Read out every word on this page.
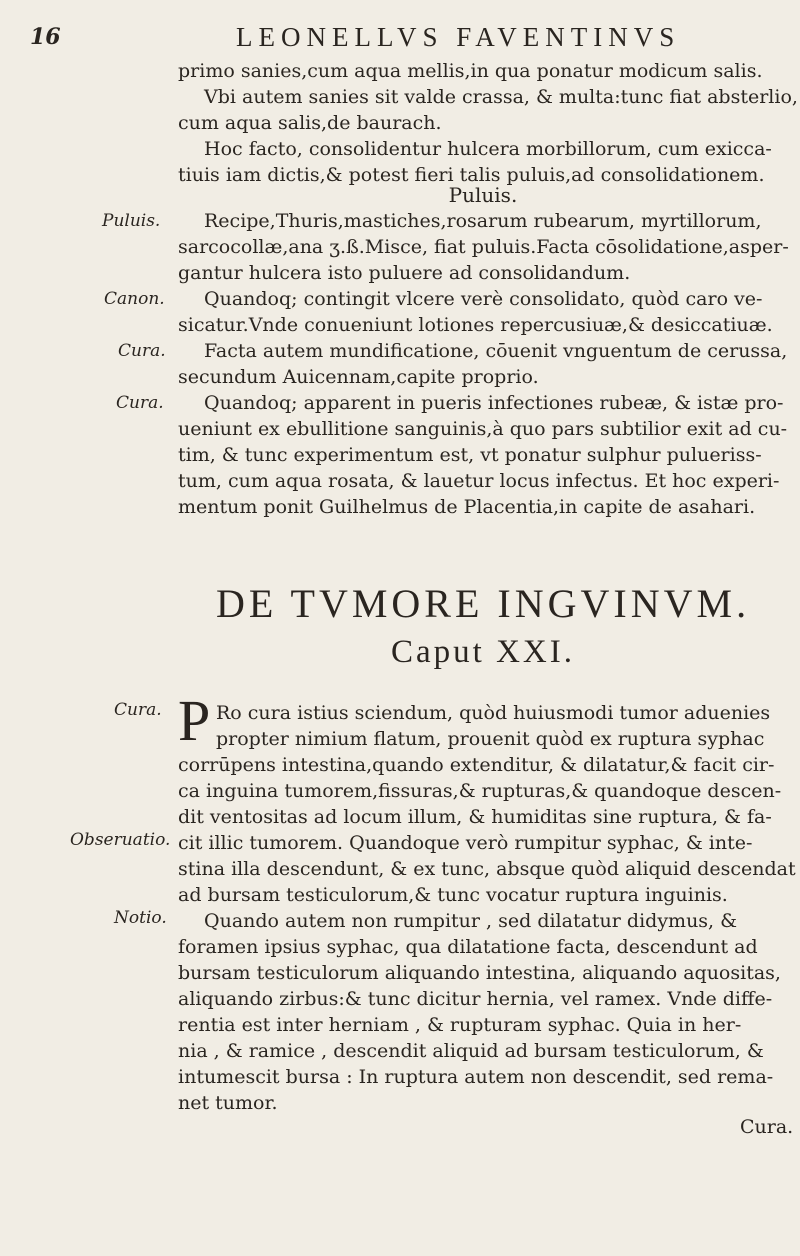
16	LEONELLVS FAVENTINVS
primo sanies,cum aqua mellis,in qua ponatur modicum salis.
Vbi autem sanies sit valde crassa, & multa:tunc fiat absterlio,
cum aqua salis,de baurach.
Hoc facto, consolidentur hulcera morbillorum, cum exicca-
tiuis iam dictis,& potest fieri talis puluis,ad consolidationem.
Puluis.
Recipe,Thuris,mastiches,rosarum rubearum, myrtillorum,
sarcocollæ,ana ʒ.ß.Misce, fiat puluis.Facta cōsolidatione,asper-
gantur hulcera isto puluere ad consolidandum.
Quandoq; contingit vlcere verè consolidato, quòd caro ve-
sicatur.Vnde conueniunt lotiones repercusiuæ,& desiccatiuæ.
Facta autem mundificatione, cōuenit vnguentum de cerussa,
secundum Auicennam,capite proprio.
Quandoq; apparent in pueris infectiones rubeæ, & istæ pro-
ueniunt ex ebullitione sanguinis,à quo pars subtilior exit ad cu-
tim, & tunc experimentum est, vt ponatur sulphur pulueriss-
tum, cum aqua rosata, & lauetur locus infectus. Et hoc experi-
mentum ponit Guilhelmus de Placentia,in capite de asahari.
DE TVMORE INGVINVM.
Caput XXI.
P Ro cura istius sciendum, quòd huiusmodi tumor aduenies
propter nimium flatum, prouenit quòd ex ruptura syphac
corrūpens intestina,quando extenditur, & dilatatur,& facit cir-
ca inguina tumorem,fissuras,& rupturas,& quandoque descen-
dit ventositas ad locum illum, & humiditas sine ruptura, & fa-
cit illic tumorem. Quandoque verò rumpitur syphac, & inte-
stina illa descendunt, & ex tunc, absque quòd aliquid descendat
ad bursam testiculorum,& tunc vocatur ruptura inguinis.
Quando autem non rumpitur , sed dilatatur didymus, &
foramen ipsius syphac, qua dilatatione facta, descendunt ad
bursam testiculorum aliquando intestina, aliquando aquositas,
aliquando zirbus:& tunc dicitur hernia, vel ramex. Vnde diffe-
rentia est inter herniam , & rupturam syphac. Quia in her-
nia , & ramice , descendit aliquid ad bursam testiculorum, &
intumescit bursa : In ruptura autem non descendit, sed rema-
net tumor.
Cura.
Puluis.
Canon.
Cura.
Cura.
Cura.
Obseruatio.
Notio.
